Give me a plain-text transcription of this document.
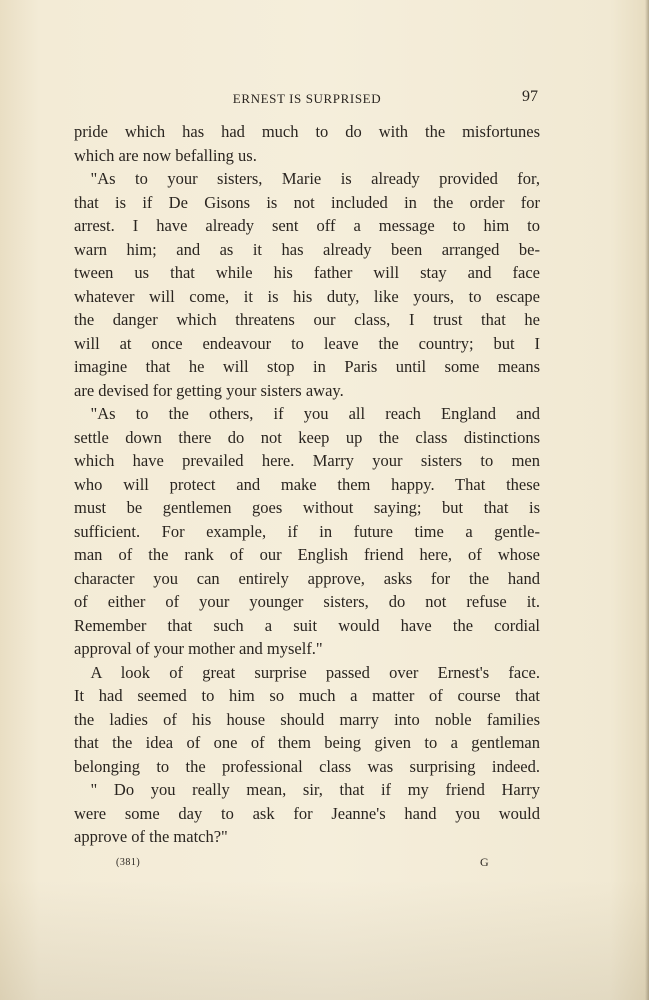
ERNEST IS SURPRISED	97
pride which has had much to do with the misfortunes
which are now befalling us.
"As to your sisters, Marie is already provided for,
that is if De Gisons is not included in the order for
arrest. I have already sent off a message to him to
warn him; and as it has already been arranged be-
tween us that while his father will stay and face
whatever will come, it is his duty, like yours, to escape
the danger which threatens our class, I trust that he
will at once endeavour to leave the country; but I
imagine that he will stop in Paris until some means
are devised for getting your sisters away.
"As to the others, if you all reach England and
settle down there do not keep up the class distinctions
which have prevailed here. Marry your sisters to men
who will protect and make them happy. That these
must be gentlemen goes without saying; but that is
sufficient. For example, if in future time a gentle-
man of the rank of our English friend here, of whose
character you can entirely approve, asks for the hand
of either of your younger sisters, do not refuse it.
Remember that such a suit would have the cordial
approval of your mother and myself."
A look of great surprise passed over Ernest's face.
It had seemed to him so much a matter of course that
the ladies of his house should marry into noble families
that the idea of one of them being given to a gentleman
belonging to the professional class was surprising indeed.
" Do you really mean, sir, that if my friend Harry
were some day to ask for Jeanne's hand you would
approve of the match?"
(381)	G
